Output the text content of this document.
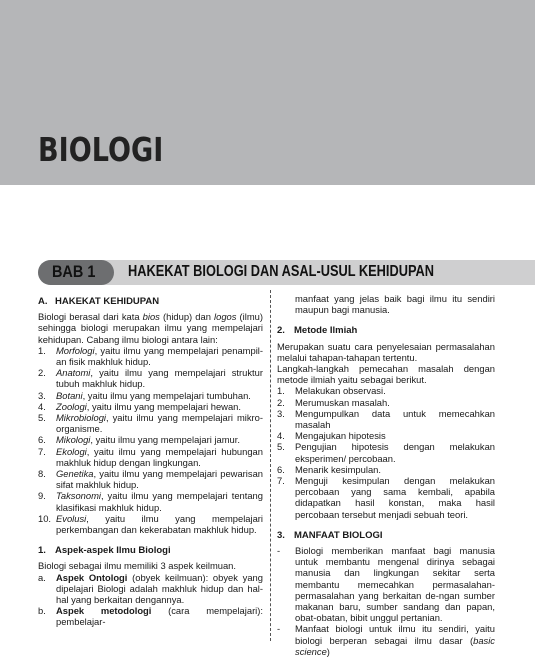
BIOLOGI
BAB 1 HAKEKAT BIOLOGI DAN ASAL-USUL KEHIDUPAN
A. HAKEKAT KEHIDUPAN

Biologi berasal dari kata bios (hidup) dan logos (ilmu) sehingga biologi merupakan ilmu yang mempelajari kehidupan. Cabang ilmu biologi antara lain:

1.	Morfologi, yaitu ilmu yang mempelajari penampil-an fisik makhluk hidup.
2.	Anatomi, yaitu ilmu yang mempelajari struktur tubuh makhluk hidup.
3.	Botani, yaitu ilmu yang mempelajari tumbuhan.
4.	Zoologi, yaitu ilmu yang mempelajari hewan.
5.	Mikrobiologi, yaitu ilmu yang mempelajari mikro-organisme.
6.	Mikologi, yaitu ilmu yang mempelajari jamur.
7.	Ekologi, yaitu ilmu yang mempelajari hubungan makhluk hidup dengan lingkungan.
8.	Genetika, yaitu ilmu yang mempelajari pewarisan sifat makhluk hidup.
9.	Taksonomi, yaitu ilmu yang mempelajari tentang klasifikasi makhluk hidup.
10. Evolusi, yaitu ilmu yang mempelajari perkembangan dan kekerabatan makhluk hidup.
1. Aspek-aspek Ilmu Biologi

Biologi sebagai ilmu memiliki 3 aspek keilmuan.

a.	Aspek Ontologi (obyek keilmuan): obyek yang dipelajari Biologi adalah makhluk hidup dan hal-hal yang berkaitan dengannya.
b.	Aspek metodologi (cara mempelajari): pembelajar-
manfaat yang jelas baik bagi ilmu itu sendiri maupun bagi manusia.
2. Metode Ilmiah

Merupakan suatu cara penyelesaian permasalahan melalui tahapan-tahapan tertentu.

Langkah-langkah pemecahan masalah dengan metode ilmiah yaitu sebagai berikut.

1.	Melakukan observasi.
2.	Merumuskan masalah.
3.	Mengumpulkan data untuk memecahkan masalah
4.	Mengajukan hipotesis
5.	Pengujian hipotesis dengan melakukan eksperimen/ percobaan.
6.	Menarik kesimpulan.
7.	Menguji kesimpulan dengan melakukan percobaan yang sama kembali, apabila didapatkan hasil konstan, maka hasil percobaan tersebut menjadi sebuah teori.
3. MANFAAT BIOLOGI
-	Biologi memberikan manfaat bagi manusia untuk membantu mengenal dirinya sebagai manusia dan lingkungan sekitar serta membantu memecahkan permasalahan-permasalahan yang berkaitan de-ngan sumber makanan baru, sumber sandang dan papan, obat-obatan, bibit unggul pertanian.
-	Manfaat biologi untuk ilmu itu sendiri, yaitu biologi berperan sebagai ilmu dasar (basic science)
